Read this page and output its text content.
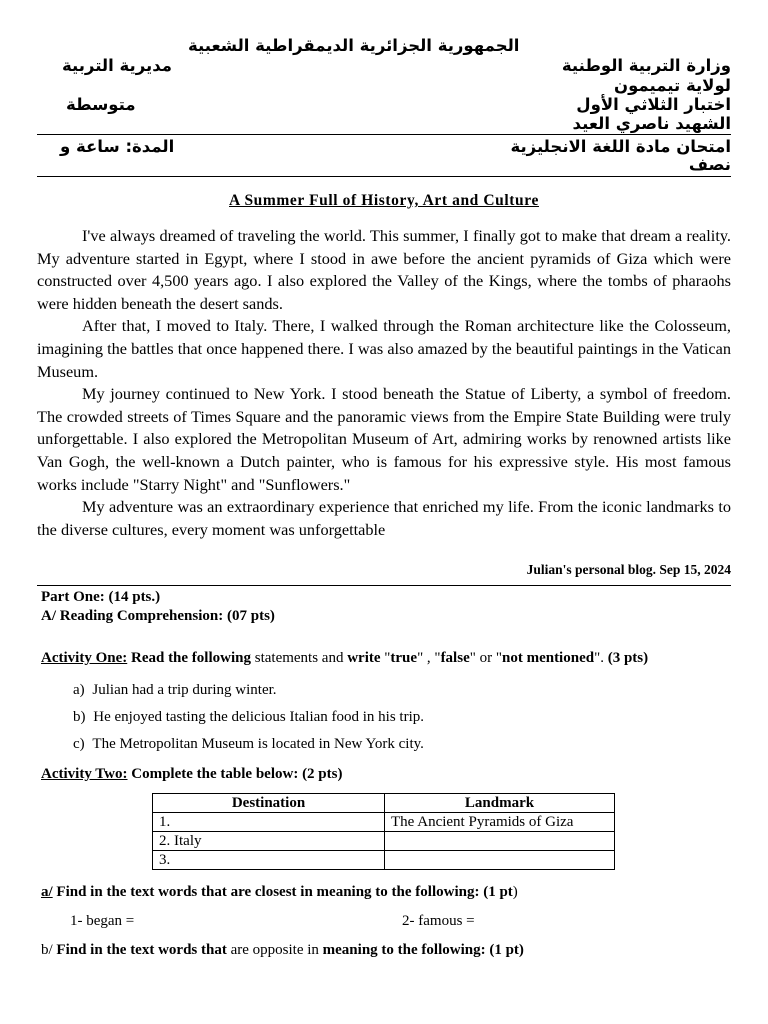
الجمهورية الجزائرية الديمقراطية الشعبية
وزارة التربية الوطنية
مديرية التربية
لولاية تيميمون
اختبار الثلاثي الأول
متوسطة
الشهيد ناصري العيد
امتحان مادة اللغة الانجليزية
المدة: ساعة و
نصف
A Summer Full of History, Art and Culture

I've always dreamed of traveling the world. This summer, I finally got to make that dream a reality. My adventure started in Egypt, where I stood in awe before the ancient pyramids of Giza which were constructed over 4,500 years ago. I also explored the Valley of the Kings, where the tombs of pharaohs were hidden beneath the desert sands.

After that, I moved to Italy. There, I walked through the Roman architecture like the Colosseum, imagining the battles that once happened there. I was also amazed by the beautiful paintings in the Vatican Museum.

My journey continued to New York. I stood beneath the Statue of Liberty, a symbol of freedom. The crowded streets of Times Square and the panoramic views from the Empire State Building were truly unforgettable. I also explored the Metropolitan Museum of Art, admiring works by renowned artists like Van Gogh, the well-known a Dutch painter, who is famous for his expressive style. His most famous works include "Starry Night" and "Sunflowers."

My adventure was an extraordinary experience that enriched my life. From the iconic landmarks to the diverse cultures, every moment was unforgettable

Julian's personal blog. Sep 15, 2024
Part One: (14 pts.)
A/ Reading Comprehension: (07 pts)
Activity One: Read the following statements and write "true" , "false" or "not mentioned". (3 pts)
a) Julian had a trip during winter.
b) He enjoyed tasting the delicious Italian food in his trip.
c) The Metropolitan Museum is located in New York city.
Activity Two: Complete the table below: (2 pts)
Destination	Landmark
1.	The Ancient Pyramids of Giza
2. Italy	
3.	
a/ Find in the text words that are closest in meaning to the following: (1 pt)
1- began =	2- famous =
b/ Find in the text words that are opposite in meaning to the following: (1 pt)
